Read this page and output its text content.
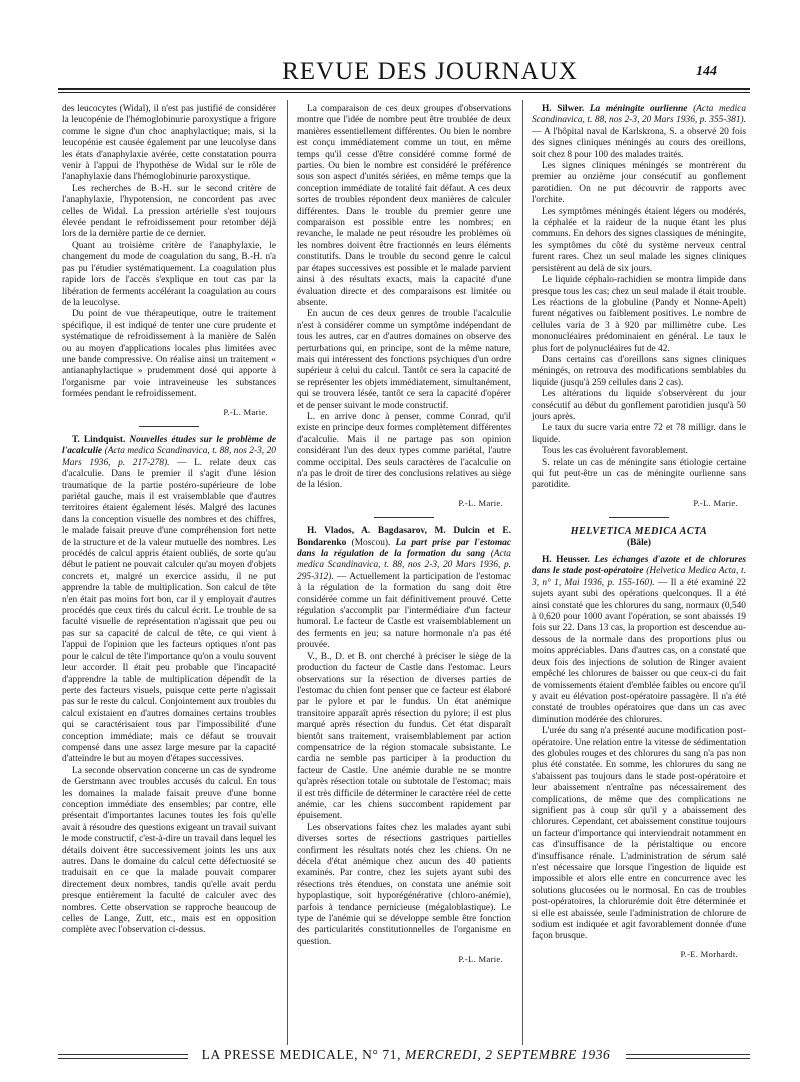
REVUE DES JOURNAUX	144

des leucocytes (Widal), il n'est pas justifié de considérer la leucopénie de l'hémoglobinurie paroxystique a frigore comme le signe d'un choc anaphylactique; mais, si la leucopénie est causée également par une leucolyse dans les états d'anaphylaxie avérée, cette constatation pourra venir à l'appui de l'hypothèse de Widal sur le rôle de l'anaphylaxie dans l'hémoglobinurie paroxystique.

Les recherches de B.-H. sur le second critère de l'anaphylaxie, l'hypotension, ne concordent pas avec celles de Widal. La pression artérielle s'est toujours élevée pendant le refroidissement pour retomber déjà lors de la dernière partie de ce dernier.

Quant au troisième critère de l'anaphylaxie, le changement du mode de coagulation du sang, B.-H. n'a pas pu l'étudier systématiquement. La coagulation plus rapide lors de l'accès s'explique en tout cas par la libération de ferments accélérant la coagulation au cours de la leucolyse.

Du point de vue thérapeutique, outre le traitement spécifique, il est indiqué de tenter une cure prudente et systématique de refroidissement à la manière de Salén ou au moyen d'applications locales plus limitées avec une bande compressive. On réalise ainsi un traitement « antianaphylactique » prudemment dosé qui apporte à l'organisme par voie intraveineuse les substances formées pendant le refroidissement.

P.-L. Marie.

T. Lindquist. Nouvelles études sur le problème de l'acalculie (Acta medica Scandinavica, t. 88, nos 2-3, 20 Mars 1936, p. 217-278). — L. relate deux cas d'acalculie. Dans le premier il s'agit d'une lésion traumatique de la partie postéro-supérieure de lobe pariétal gauche, mais il est vraisemblable que d'autres territoires étaient également lésés. Malgré des lacunes dans la conception visuelle des nombres et des chiffres, le malade faisait preuve d'une compréhension fort nette de la structure et de la valeur mutuelle des nombres. Les procédés de calcul appris étaient oubliés, de sorte qu'au début le patient ne pouvait calculer qu'au moyen d'objets concrets et, malgré un exercice assidu, il ne put apprendre la table de multiplication. Son calcul de tête n'en était pas moins fort bon, car il y employait d'autres procédés que ceux tirés du calcul écrit. Le trouble de sa faculté visuelle de représentation n'agissait que peu ou pas sur sa capacité de calcul de tête, ce qui vient à l'appui de l'opinion que les facteurs optiques n'ont pas pour le calcul de tête l'importance qu'on a voulu souvent leur accorder. Il était peu probable que l'incapacité d'apprendre la table de multiplication dépendît de la perte des facteurs visuels, puisque cette perte n'agissait pas sur le reste du calcul. Conjointement aux troubles du calcul existaient en d'autres domaines certains troubles qui se caractérisaient tous par l'impossibilité d'une conception immédiate; mais ce défaut se trouvait compensé dans une assez large mesure par la capacité d'atteindre le but au moyen d'étapes successives.

La seconde observation concerne un cas de syndrome de Gerstmann avec troubles accusés du calcul. En tous les domaines la malade faisait preuve d'une bonne conception immédiate des ensembles; par contre, elle présentait d'importantes lacunes toutes les fois qu'elle avait à résoudre des questions exigeant un travail suivant le mode constructif, c'est-à-dire un travail dans lequel les détails doivent être successivement joints les uns aux autres. Dans le domaine du calcul cette défectuosité se traduisait en ce que la malade pouvait comparer directement deux nombres, tandis qu'elle avait perdu presque entièrement la faculté de calculer avec des nombres. Cette observation se rapproche beaucoup de celles de Lange, Zutt, etc., mais est en opposition complète avec l'observation ci-dessus.

La comparaison de ces deux groupes d'observations montre que l'idée de nombre peut être troublée de deux manières essentiellement différentes. Ou bien le nombre est conçu immédiatement comme un tout, en même temps qu'il cesse d'être considéré comme formé de parties. Ou bien le nombre est considéré le préférence sous son aspect d'unités sériées, en même temps que la conception immédiate de totalité fait défaut. A ces deux sortes de troubles répondent deux manières de calculer différentes. Dans le trouble du premier genre une comparaison est possible entre les nombres; en revanche, le malade ne peut résoudre les problèmes où les nombres doivent être fractionnés en leurs éléments constitutifs. Dans le trouble du second genre le calcul par étapes successives est possible et le malade parvient ainsi à des résultats exacts, mais la capacité d'une évaluation directe et des comparaisons est limitée ou absente.

En aucun de ces deux genres de trouble l'acalculie n'est à considérer comme un symptôme indépendant de tous les autres, car en d'autres domaines on observe des perturbations qui, en principe, sont de la même nature, mais qui intéressent des fonctions psychiques d'un ordre supérieur à celui du calcul. Tantôt ce sera la capacité de se représenter les objets immédiatement, simultanément, qui se trouvera lésée, tantôt ce sera la capacité d'opérer et de penser suivant le mode constructif.

L. en arrive donc à penser, comme Conrad, qu'il existe en principe deux formes complètement différentes d'acalculie. Mais il ne partage pas son opinion considérant l'un des deux types comme pariétal, l'autre comme occipital. Des seuls caractères de l'acalculie on n'a pas le droit de tirer des conclusions relatives au siège de la lésion.

P.-L. Marie.

H. Vlados, A. Bagdasarov, M. Dulcin et E. Bondarenko (Moscou). La part prise par l'estomac dans la régulation de la formation du sang (Acta medica Scandinavica, t. 88, nos 2-3, 20 Mars 1936, p. 295-312). — Actuellement la participation de l'estomac à la régulation de la formation du sang doit être considérée comme un fait définitivement prouvé. Cette régulation s'accomplit par l'intermédiaire d'un facteur humoral. Le facteur de Castle est vraisemblablement un des ferments en jeu; sa nature hormonale n'a pas été prouvée.

V., B., D. et B. ont cherché à préciser le siège de la production du facteur de Castle dans l'estomac. Leurs observations sur la résection de diverses parties de l'estomac du chien font penser que ce facteur est élaboré par le pylore et par le fundus. Un état anémique transitoire apparaît après résection du pylore; il est plus marqué après résection du fundus. Cet état disparaît bientôt sans traitement, vraisemblablement par action compensatrice de la région stomacale subsistante. Le cardia ne semble pas participer à la production du facteur de Castle. Une anémie durable ne se montre qu'après résection totale ou subtotale de l'estomac; mais il est très difficile de déterminer le caractère réel de cette anémie, car les chiens succombent rapidement par épuisement.

Les observations faites chez les malades ayant subi diverses sortes de résections gastriques partielles confirment les résultats notés chez les chiens. On ne décela d'état anémique chez aucun des 40 patients examinés. Par contre, chez les sujets ayant subi des résections très étendues, on constata une anémie soit hypoplastique, soit hyporégénérative (chloro-anémie), parfois à tendance pernicieuse (mégaloblastique). Le type de l'anémie qui se développe semble être fonction des particularités constitutionnelles de l'organisme en question.

P.-L. Marie.

H. Silwer. La méningite ourlienne (Acta medica Scandinavica, t. 88, nos 2-3, 20 Mars 1936, p. 355-381). — A l'hôpital naval de Karlskrona, S. a observé 20 fois des signes cliniques méningés au cours des oreillons, soit chez 8 pour 100 des malades traités.

Les signes cliniques méningés se montrèrent du premier au onzième jour consécutif au gonflement parotidien. On ne put découvrir de rapports avec l'orchite.

Les symptômes méningés étaient légers ou modérés, la céphalée et la raideur de la nuque étant les plus communs. En dehors des signes classiques de méningite, les symptômes du côté du système nerveux central furent rares. Chez un seul malade les signes cliniques persistèrent au delà de six jours.

Le liquide céphalo-rachidien se montra limpide dans presque tous les cas; chez un seul malade il était trouble. Les réactions de la globuline (Pandy et Nonne-Apelt) furent négatives ou faiblement positives. Le nombre de cellules varia de 3 à 920 par millimètre cube. Les mononucléaires prédominaient en général. Le taux le plus fort de polynucléaires fut de 42.

Dans certains cas d'oreillons sans signes cliniques méningés, on retrouva des modifications semblables du liquide (jusqu'à 259 cellules dans 2 cas).

Les altérations du liquide s'observèrent du jour consécutif au début du gonflement parotidien jusqu'à 50 jours après.

Le taux du sucre varia entre 72 et 78 milligr. dans le liquide.

Tous les cas évoluèrent favorablement.

S. relate un cas de méningite sans étiologie certaine qui fut peut-être un cas de méningite ourlienne sans parotidite.

P.-L. Marie.

HELVETICA MEDICA ACTA

(Bâle)

H. Heusser. Les échanges d'azote et de chlorures dans le stade post-opératoire (Helvetica Medica Acta, t. 3, n° 1, Mai 1936, p. 155-160). — Il a été examiné 22 sujets ayant subi des opérations quelconques. Il a été ainsi constaté que les chlorures du sang, normaux (0,540 à 0,620 pour 1000 avant l'opération, se sont abaissés 19 fois sur 22. Dans 13 cas, la proportion est descendue au-dessous de la normale dans des proportions plus ou moins appréciables. Dans d'autres cas, on a constaté que deux fois des injections de solution de Ringer avaient empêché les chlorures de baisser ou que ceux-ci du fait de vomissements étaient d'emblée faibles ou encore qu'il y avait eu élévation post-opératoire passagère. Il n'a été constaté de troubles opératoires que dans un cas avec diminution modérée des chlorures.

L'urée du sang n'a présenté aucune modification post-opératoire. Une relation entre la vitesse de sédimentation des globules rouges et des chlorures du sang n'a pas non plus été constatée. En somme, les chlorures du sang ne s'abaissent pas toujours dans le stade post-opératoire et leur abaissement n'entraîne pas nécessairement des complications, de même que des complications ne signifient pas à coup sûr qu'il y a abaissement des chlorures. Cependant, cet abaissement constitue toujours un facteur d'importance qui interviendrait notamment en cas d'insuffisance de la péristaltique ou encore d'insuffisance rénale. L'administration de sérum salé n'est nécessaire que lorsque l'ingestion de liquide est impossible et alors elle entre en concurrence avec les solutions glucosées ou le normosal. En cas de troubles post-opératoires, la chlorurémie doit être déterminée et si elle est abaissée, seule l'administration de chlorure de sodium est indiquée et agit favorablement donnée d'une façon brusque.

P.-E. Morhardt.

LA PRESSE MEDICALE, N° 71, MERCREDI, 2 SEPTEMBRE 1936
